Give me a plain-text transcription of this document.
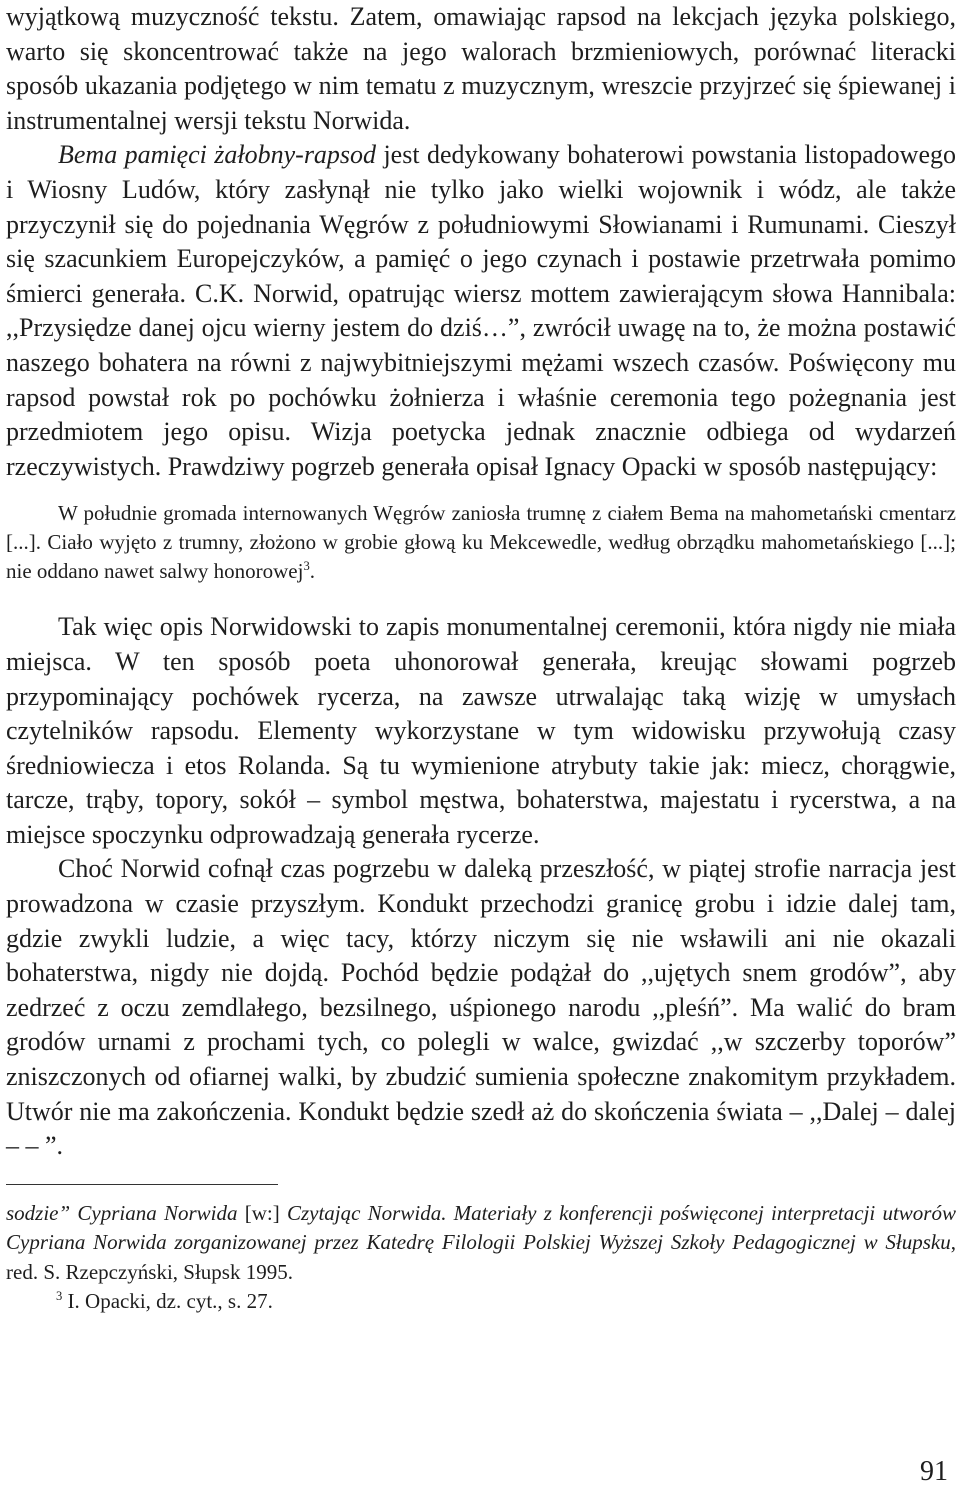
wyjątkową muzyczność tekstu. Zatem, omawiając rapsod na lekcjach języka polskiego, warto się skoncentrować także na jego walorach brzmieniowych, porównać literacki sposób ukazania podjętego w nim tematu z muzycznym, wreszcie przyjrzeć się śpiewanej i instrumentalnej wersji tekstu Norwida.

Bema pamięci żałobny-rapsod jest dedykowany bohaterowi powstania listopadowego i Wiosny Ludów, który zasłynął nie tylko jako wielki wojownik i wódz, ale także przyczynił się do pojednania Węgrów z południowymi Słowianami i Rumunami. Cieszył się szacunkiem Europejczyków, a pamięć o jego czynach i postawie przetrwała pomimo śmierci generała. C.K. Norwid, opatrując wiersz mottem zawierającym słowa Hannibala: ,,Przysiędze danej ojcu wierny jestem do dziś…”, zwrócił uwagę na to, że można postawić naszego bohatera na równi z najwybitniejszymi mężami wszech czasów. Poświęcony mu rapsod powstał rok po pochówku żołnierza i właśnie ceremonia tego pożegnania jest przedmiotem jego opisu. Wizja poetycka jednak znacznie odbiega od wydarzeń rzeczywistych. Prawdziwy pogrzeb generała opisał Ignacy Opacki w sposób następujący:

W południe gromada internowanych Węgrów zaniosła trumnę z ciałem Bema na mahometański cmentarz [...]. Ciało wyjęto z trumny, złożono w grobie głową ku Mekcewedle, według obrządku mahometańskiego [...]; nie oddano nawet salwy honorowej$^3$.

Tak więc opis Norwidowski to zapis monumentalnej ceremonii, która nigdy nie miała miejsca. W ten sposób poeta uhonorował generała, kreując słowami pogrzeb przypominający pochówek rycerza, na zawsze utrwalając taką wizję w umysłach czytelników rapsodu. Elementy wykorzystane w tym widowisku przywołują czasy średniowiecza i etos Rolanda. Są tu wymienione atrybuty takie jak: miecz, chorągwie, tarcze, trąby, topory, sokół – symbol męstwa, bohaterstwa, majestatu i rycerstwa, a na miejsce spoczynku odprowadzają generała rycerze.

Choć Norwid cofnął czas pogrzebu w daleką przeszłość, w piątej strofie narracja jest prowadzona w czasie przyszłym. Kondukt przechodzi granicę grobu i idzie dalej tam, gdzie zwykli ludzie, a więc tacy, którzy niczym się nie wsławili ani nie okazali bohaterstwa, nigdy nie dojdą. Pochód będzie podążał do ,,ujętych snem grodów”, aby zedrzeć z oczu zemdlałego, bezsilnego, uśpionego narodu ,,pleśń”. Ma walić do bram grodów urnami z prochami tych, co polegli w walce, gwizdać ,,w szczerby toporów” zniszczonych od ofiarnej walki, by zbudzić sumienia społeczne znakomitym przykładem. Utwór nie ma zakończenia. Kondukt będzie szedł aż do skończenia świata – ,,Dalej – dalej – – ”.

sodzie” Cypriana Norwida [w:] Czytając Norwida. Materiały z konferencji poświęconej interpretacji utworów Cypriana Norwida zorganizowanej przez Katedrę Filologii Polskiej Wyższej Szkoły Pedagogicznej w Słupsku, red. S. Rzepczyński, Słupsk 1995.
$^3$ I. Opacki, dz. cyt., s. 27.
91
